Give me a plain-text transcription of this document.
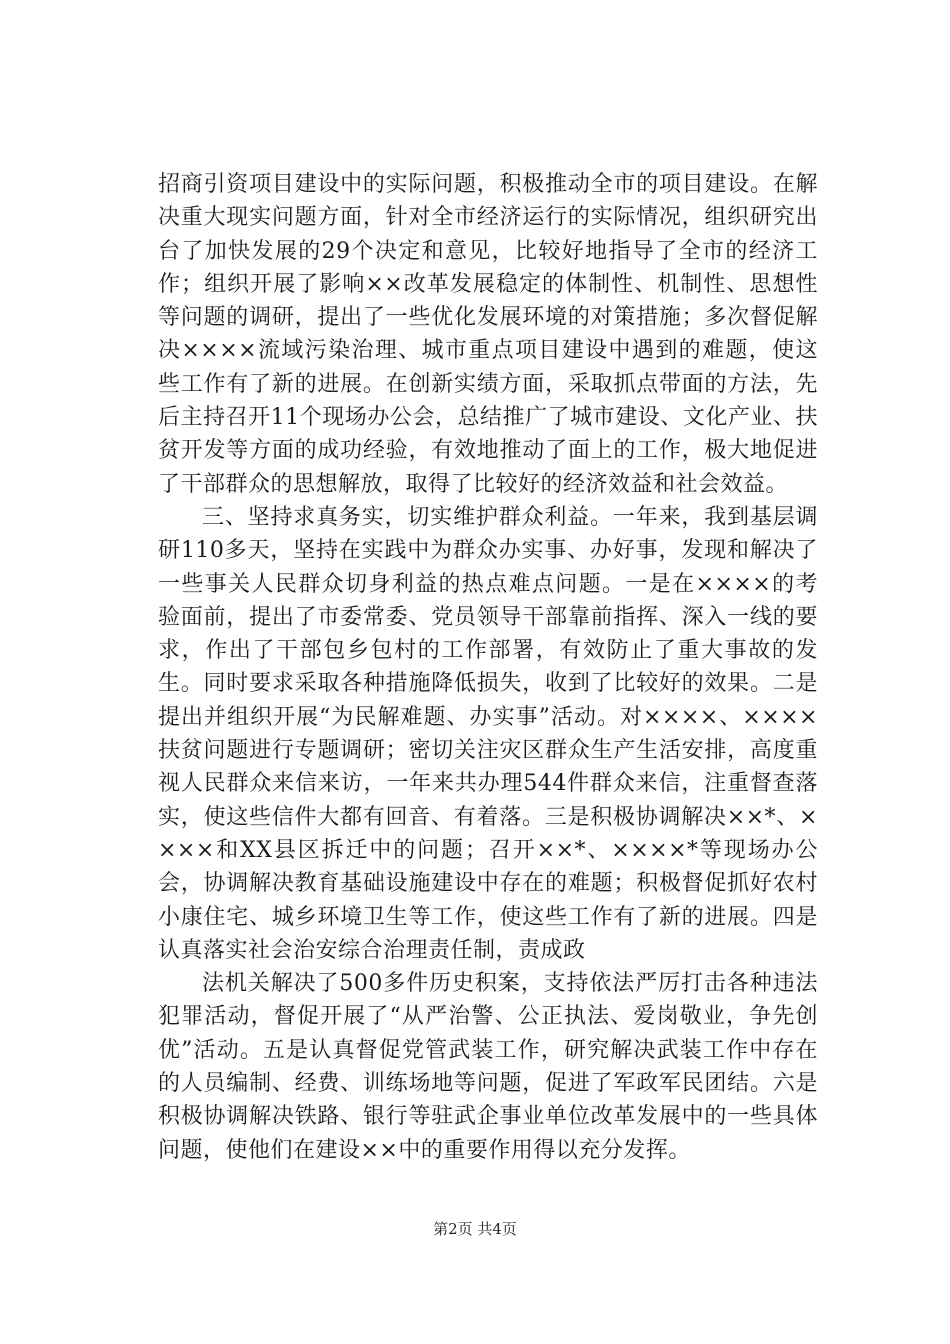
招商引资项目建设中的实际问题，积极推动全市的项目建设。在解决重大现实问题方面，针对全市经济运行的实际情况，组织研究出台了加快发展的29个决定和意见，比较好地指导了全市的经济工作；组织开展了影响××改革发展稳定的体制性、机制性、思想性等问题的调研，提出了一些优化发展环境的对策措施；多次督促解决××××流域污染治理、城市重点项目建设中遇到的难题，使这些工作有了新的进展。在创新实绩方面，采取抓点带面的方法，先后主持召开11个现场办公会，总结推广了城市建设、文化产业、扶贫开发等方面的成功经验，有效地推动了面上的工作，极大地促进了干部群众的思想解放，取得了比较好的经济效益和社会效益。

三、坚持求真务实，切实维护群众利益。一年来，我到基层调研110多天，坚持在实践中为群众办实事、办好事，发现和解决了一些事关人民群众切身利益的热点难点问题。一是在××××的考验面前，提出了市委常委、党员领导干部靠前指挥、深入一线的要求，作出了干部包乡包村的工作部署，有效防止了重大事故的发生。同时要求采取各种措施降低损失，收到了比较好的效果。二是提出并组织开展“为民解难题、办实事”活动。对××××、××××扶贫问题进行专题调研；密切关注灾区群众生产生活安排，高度重视人民群众来信来访，一年来共办理544件群众来信，注重督查落实，使这些信件大都有回音、有着落。三是积极协调解决××*、××××和XX县区拆迁中的问题；召开××*、××××*等现场办公会，协调解决教育基础设施建设中存在的难题；积极督促抓好农村小康住宅、城乡环境卫生等工作，使这些工作有了新的进展。四是认真落实社会治安综合治理责任制，责成政

法机关解决了500多件历史积案，支持依法严厉打击各种违法犯罪活动，督促开展了“从严治警、公正执法、爱岗敬业，争先创优”活动。五是认真督促党管武装工作，研究解决武装工作中存在的人员编制、经费、训练场地等问题，促进了军政军民团结。六是积极协调解决铁路、银行等驻武企事业单位改革发展中的一些具体问题，使他们在建设××中的重要作用得以充分发挥。

第2页 共4页
